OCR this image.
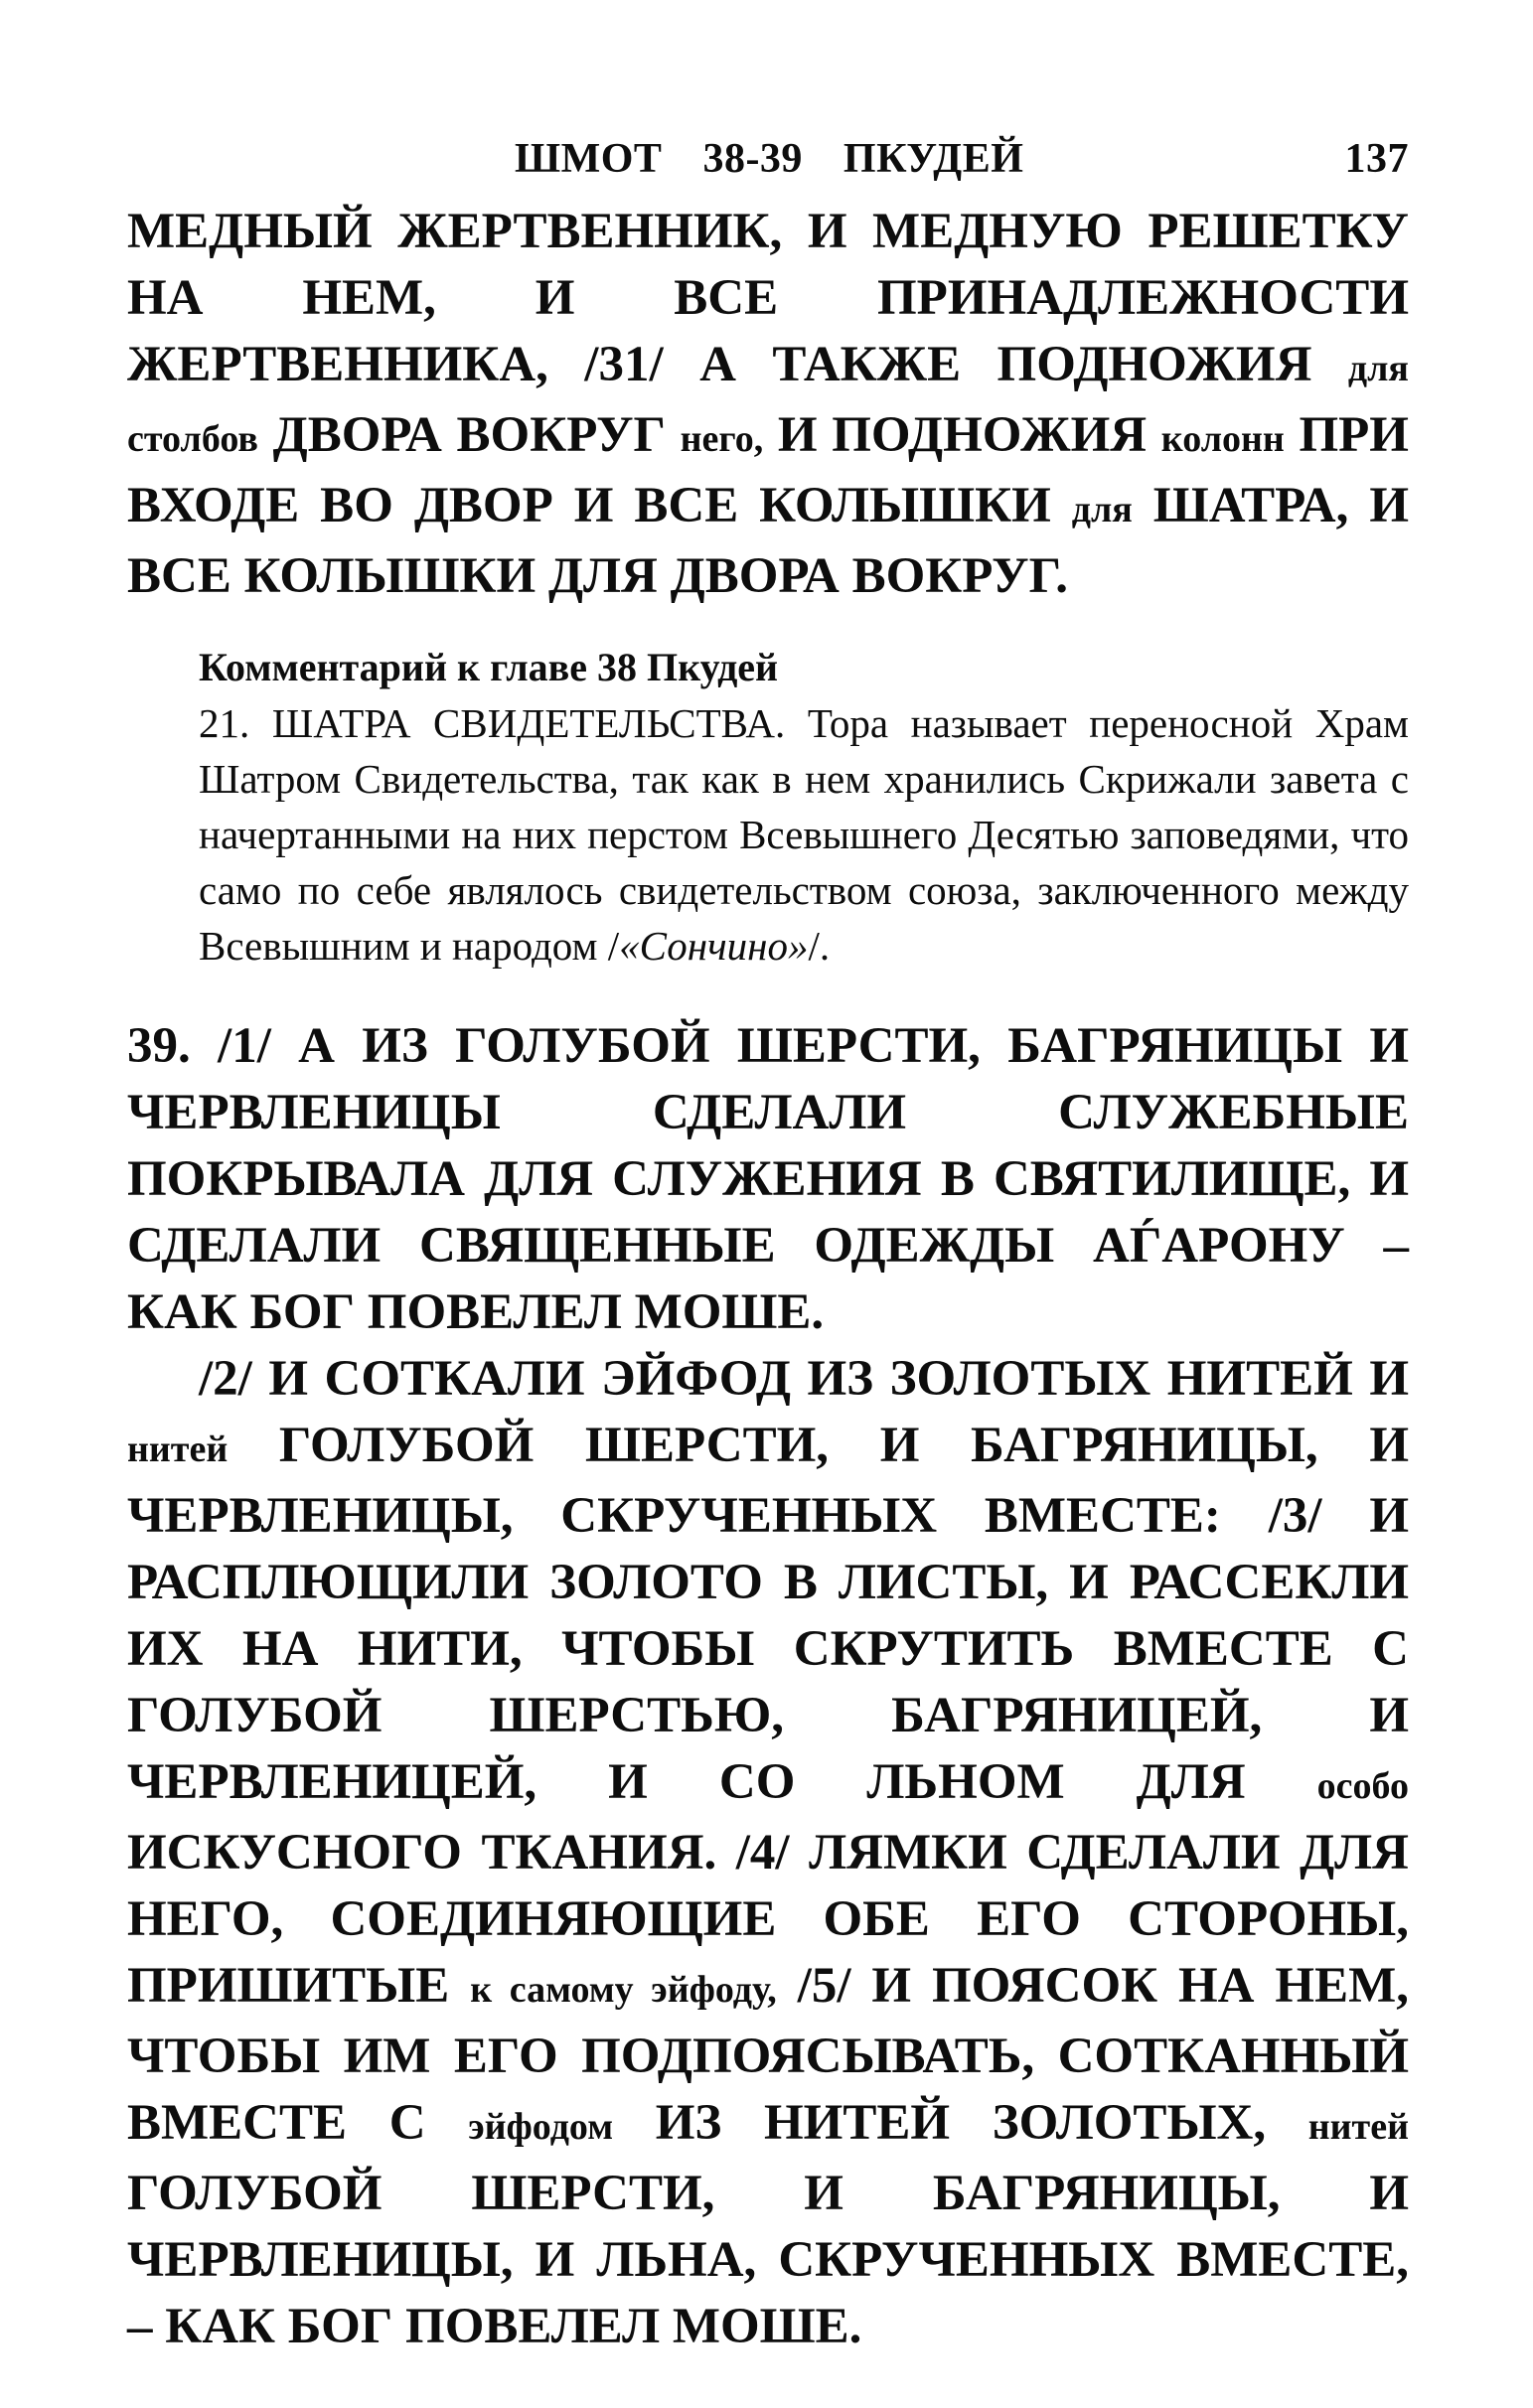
ШМОТ 38-39 ПКУДЕЙ	137

МЕДНЫЙ ЖЕРТВЕННИК, И МЕДНУЮ РЕШЕТКУ НА НЕМ, И ВСЕ ПРИНАДЛЕЖНОСТИ ЖЕРТВЕННИКА, /31/ А ТАКЖЕ ПОДНОЖИЯ для столбов ДВОРА ВОКРУГ него, И ПОДНОЖИЯ колонн ПРИ ВХОДЕ ВО ДВОР И ВСЕ КОЛЫШКИ для ШАТРА, И ВСЕ КОЛЫШКИ ДЛЯ ДВОРА ВОКРУГ.

Комментарий к главе 38 Пкудей
21. ШАТРА СВИДЕТЕЛЬСТВА. Тора называет переносной Храм Шатром Свидетельства, так как в нем хранились Скрижали завета с начертанными на них перстом Всевышнего Десятью заповедями, что само по себе являлось свидетельством союза, заключенного между Всевышним и народом /«Сончино»/.

39. /1/ А ИЗ ГОЛУБОЙ ШЕРСТИ, БАГРЯНИЦЫ И ЧЕРВЛЕНИЦЫ СДЕЛАЛИ СЛУЖЕБНЫЕ ПОКРЫВАЛА ДЛЯ СЛУЖЕНИЯ В СВЯТИЛИЩЕ, И СДЕЛАЛИ СВЯЩЕННЫЕ ОДЕЖДЫ АЃАРОНУ – КАК БОГ ПОВЕЛЕЛ МОШЕ.

/2/ И СОТКАЛИ ЭЙФОД ИЗ ЗОЛОТЫХ НИТЕЙ И нитей ГОЛУБОЙ ШЕРСТИ, И БАГРЯНИЦЫ, И ЧЕРВЛЕНИЦЫ, СКРУЧЕННЫХ ВМЕСТЕ: /3/ И РАСПЛЮЩИЛИ ЗОЛОТО В ЛИСТЫ, И РАССЕКЛИ ИХ НА НИТИ, ЧТОБЫ СКРУТИТЬ ВМЕСТЕ С ГОЛУБОЙ ШЕРСТЬЮ, БАГРЯНИЦЕЙ, И ЧЕРВЛЕНИЦЕЙ, И СО ЛЬНОМ ДЛЯ особо ИСКУСНОГО ТКАНИЯ. /4/ ЛЯМКИ СДЕЛАЛИ ДЛЯ НЕГО, СОЕДИНЯЮЩИЕ ОБЕ ЕГО СТОРОНЫ, ПРИШИТЫЕ к самому эйфоду, /5/ И ПОЯСОК НА НЕМ, ЧТОБЫ ИМ ЕГО ПОДПОЯСЫВАТЬ, СОТКАННЫЙ ВМЕСТЕ С эйфодом ИЗ НИТЕЙ ЗОЛОТЫХ, нитей ГОЛУБОЙ ШЕРСТИ, И БАГРЯНИЦЫ, И ЧЕРВЛЕНИЦЫ, И ЛЬНА, СКРУЧЕННЫХ ВМЕСТЕ, – КАК БОГ ПОВЕЛЕЛ МОШЕ.
